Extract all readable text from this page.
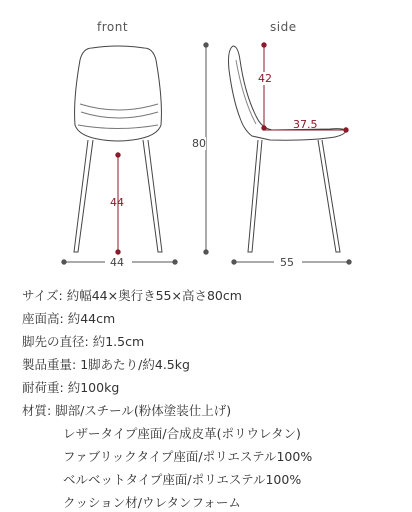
front	side
44
80
44
42
37.5
55
サイズ: 約幅44×奥行き55×高さ80cm
座面高: 約44cm
脚先の直径: 約1.5cm
製品重量: 1脚あたり/約4.5kg
耐荷重: 約100kg
材質: 脚部/スチール(粉体塗装仕上げ)
レザータイプ座面/合成皮革(ポリウレタン)
ファブリックタイプ座面/ポリエステル100%
ベルベットタイプ座面/ポリエステル100%
クッション材/ウレタンフォーム
